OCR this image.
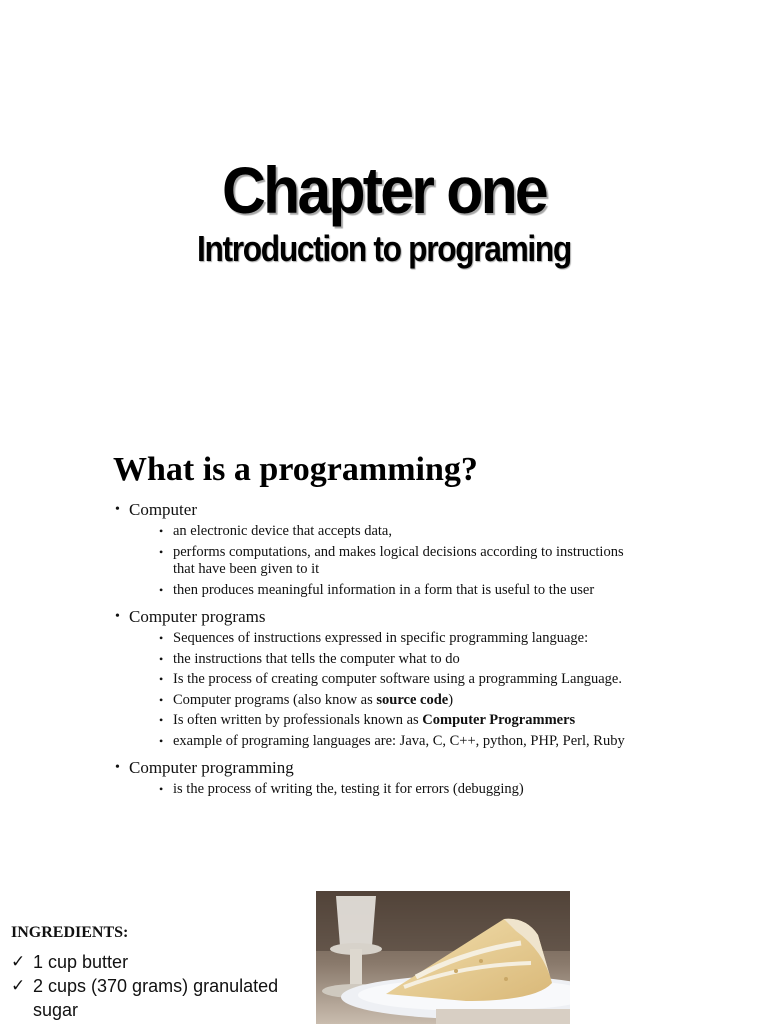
Chapter one
Introduction to programing
What is a programming?
• Computer
• an electronic device that accepts data,
• performs computations, and makes logical decisions according to instructions that have been given to it
• then produces meaningful information in a form that is useful to the user
• Computer programs
• Sequences of instructions expressed in specific programming language:
• the instructions that tells the computer what to do
• Is the process of creating computer software using a programming Language.
• Computer programs (also know as source code)
• Is often written by professionals known as Computer Programmers
• example of programing languages are: Java, C, C++, python, PHP, Perl, Ruby
• Computer programming
• is the process of writing the, testing it for errors (debugging)
INGREDIENTS:
✓ 1 cup butter
✓ 2 cups (370 grams) granulated sugar
